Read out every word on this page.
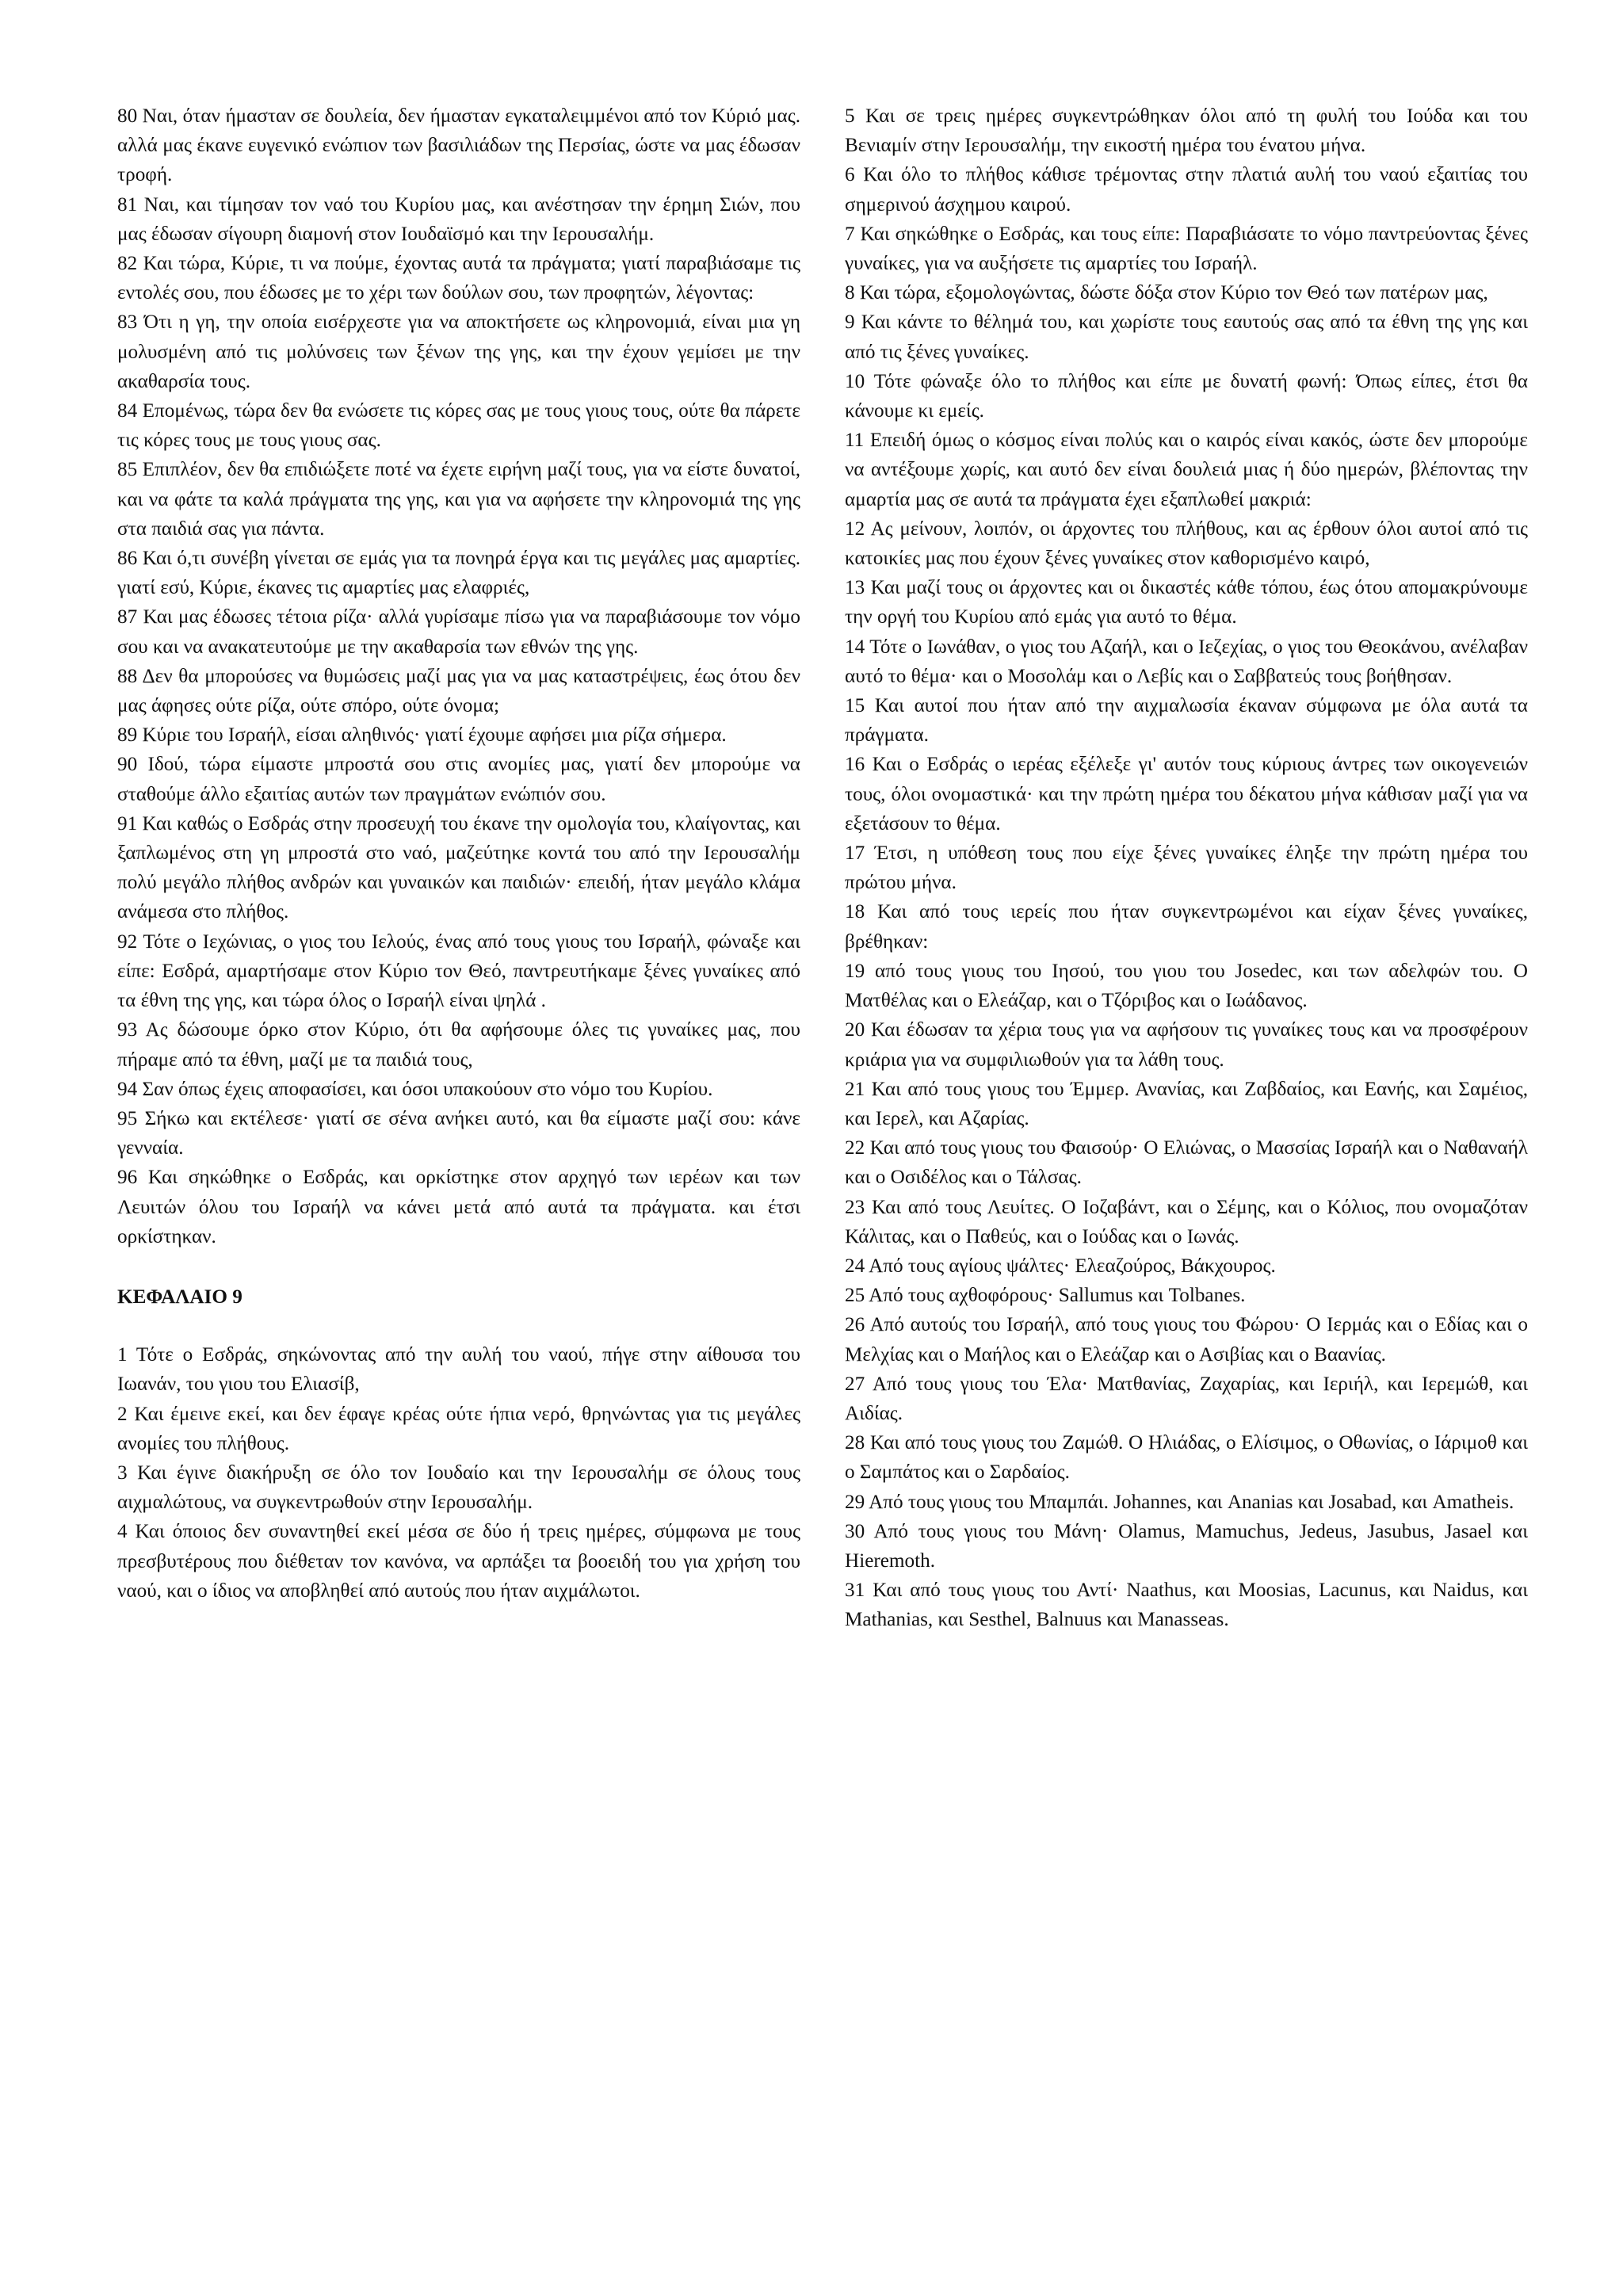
80 Ναι, όταν ήμασταν σε δουλεία, δεν ήμασταν εγκαταλειμμένοι από τον Κύριό μας. αλλά μας έκανε ευγενικό ενώπιον των βασιλιάδων της Περσίας, ώστε να μας έδωσαν τροφή.

81 Ναι, και τίμησαν τον ναό του Κυρίου μας, και ανέστησαν την έρημη Σιών, που μας έδωσαν σίγουρη διαμονή στον Ιουδαϊσμό και την Ιερουσαλήμ.

82 Και τώρα, Κύριε, τι να πούμε, έχοντας αυτά τα πράγματα; γιατί παραβιάσαμε τις εντολές σου, που έδωσες με το χέρι των δούλων σου, των προφητών, λέγοντας:

83 Ότι η γη, την οποία εισέρχεστε για να αποκτήσετε ως κληρονομιά, είναι μια γη μολυσμένη από τις μολύνσεις των ξένων της γης, και την έχουν γεμίσει με την ακαθαρσία τους.

84 Επομένως, τώρα δεν θα ενώσετε τις κόρες σας με τους γιους τους, ούτε θα πάρετε τις κόρες τους με τους γιους σας.

85 Επιπλέον, δεν θα επιδιώξετε ποτέ να έχετε ειρήνη μαζί τους, για να είστε δυνατοί, και να φάτε τα καλά πράγματα της γης, και για να αφήσετε την κληρονομιά της γης στα παιδιά σας για πάντα.

86 Και ό,τι συνέβη γίνεται σε εμάς για τα πονηρά έργα και τις μεγάλες μας αμαρτίες. γιατί εσύ, Κύριε, έκανες τις αμαρτίες μας ελαφριές,

87 Και μας έδωσες τέτοια ρίζα· αλλά γυρίσαμε πίσω για να παραβιάσουμε τον νόμο σου και να ανακατευτούμε με την ακαθαρσία των εθνών της γης.

88 Δεν θα μπορούσες να θυμώσεις μαζί μας για να μας καταστρέψεις, έως ότου δεν μας άφησες ούτε ρίζα, ούτε σπόρο, ούτε όνομα;

89 Κύριε του Ισραήλ, είσαι αληθινός· γιατί έχουμε αφήσει μια ρίζα σήμερα.

90 Ιδού, τώρα είμαστε μπροστά σου στις ανομίες μας, γιατί δεν μπορούμε να σταθούμε άλλο εξαιτίας αυτών των πραγμάτων ενώπιόν σου.

91 Και καθώς ο Εσδράς στην προσευχή του έκανε την ομολογία του, κλαίγοντας, και ξαπλωμένος στη γη μπροστά στο ναό, μαζεύτηκε κοντά του από την Ιερουσαλήμ πολύ μεγάλο πλήθος ανδρών και γυναικών και παιδιών· επειδή, ήταν μεγάλο κλάμα ανάμεσα στο πλήθος.

92 Τότε ο Ιεχώνιας, ο γιος του Ιελούς, ένας από τους γιους του Ισραήλ, φώναξε και είπε: Εσδρά, αμαρτήσαμε στον Κύριο τον Θεό, παντρευτήκαμε ξένες γυναίκες από τα έθνη της γης, και τώρα όλος ο Ισραήλ είναι ψηλά .

93 Ας δώσουμε όρκο στον Κύριο, ότι θα αφήσουμε όλες τις γυναίκες μας, που πήραμε από τα έθνη, μαζί με τα παιδιά τους,

94 Σαν όπως έχεις αποφασίσει, και όσοι υπακούουν στο νόμο του Κυρίου.

95 Σήκω και εκτέλεσε· γιατί σε σένα ανήκει αυτό, και θα είμαστε μαζί σου: κάνε γενναία.

96 Και σηκώθηκε ο Εσδράς, και ορκίστηκε στον αρχηγό των ιερέων και των Λευιτών όλου του Ισραήλ να κάνει μετά από αυτά τα πράγματα. και έτσι ορκίστηκαν.

ΚΕΦΑΛΑΙΟ 9

1 Τότε ο Εσδράς, σηκώνοντας από την αυλή του ναού, πήγε στην αίθουσα του Ιωανάν, του γιου του Ελιασίβ,

2 Και έμεινε εκεί, και δεν έφαγε κρέας ούτε ήπια νερό, θρηνώντας για τις μεγάλες ανομίες του πλήθους.

3 Και έγινε διακήρυξη σε όλο τον Ιουδαίο και την Ιερουσαλήμ σε όλους τους αιχμαλώτους, να συγκεντρωθούν στην Ιερουσαλήμ.

4 Και όποιος δεν συναντηθεί εκεί μέσα σε δύο ή τρεις ημέρες, σύμφωνα με τους πρεσβυτέρους που διέθεταν τον κανόνα, να αρπάξει τα βοοειδή του για χρήση του ναού, και ο ίδιος να αποβληθεί από αυτούς που ήταν αιχμάλωτοι.

5 Και σε τρεις ημέρες συγκεντρώθηκαν όλοι από τη φυλή του Ιούδα και του Βενιαμίν στην Ιερουσαλήμ, την εικοστή ημέρα του ένατου μήνα.

6 Και όλο το πλήθος κάθισε τρέμοντας στην πλατιά αυλή του ναού εξαιτίας του σημερινού άσχημου καιρού.

7 Και σηκώθηκε ο Εσδράς, και τους είπε: Παραβιάσατε το νόμο παντρεύοντας ξένες γυναίκες, για να αυξήσετε τις αμαρτίες του Ισραήλ.

8 Και τώρα, εξομολογώντας, δώστε δόξα στον Κύριο τον Θεό των πατέρων μας,

9 Και κάντε το θέλημά του, και χωρίστε τους εαυτούς σας από τα έθνη της γης και από τις ξένες γυναίκες.

10 Τότε φώναξε όλο το πλήθος και είπε με δυνατή φωνή: Όπως είπες, έτσι θα κάνουμε κι εμείς.

11 Επειδή όμως ο κόσμος είναι πολύς και ο καιρός είναι κακός, ώστε δεν μπορούμε να αντέξουμε χωρίς, και αυτό δεν είναι δουλειά μιας ή δύο ημερών, βλέποντας την αμαρτία μας σε αυτά τα πράγματα έχει εξαπλωθεί μακριά:

12 Ας μείνουν, λοιπόν, οι άρχοντες του πλήθους, και ας έρθουν όλοι αυτοί από τις κατοικίες μας που έχουν ξένες γυναίκες στον καθορισμένο καιρό,

13 Και μαζί τους οι άρχοντες και οι δικαστές κάθε τόπου, έως ότου απομακρύνουμε την οργή του Κυρίου από εμάς για αυτό το θέμα.

14 Τότε ο Ιωνάθαν, ο γιος του Αζαήλ, και ο Ιεζεχίας, ο γιος του Θεοκάνου, ανέλαβαν αυτό το θέμα· και ο Μοσολάμ και ο Λεβίς και ο Σαββατεύς τους βοήθησαν.

15 Και αυτοί που ήταν από την αιχμαλωσία έκαναν σύμφωνα με όλα αυτά τα πράγματα.

16 Και ο Εσδράς ο ιερέας εξέλεξε γι' αυτόν τους κύριους άντρες των οικογενειών τους, όλοι ονομαστικά· και την πρώτη ημέρα του δέκατου μήνα κάθισαν μαζί για να εξετάσουν το θέμα.

17 Έτσι, η υπόθεση τους που είχε ξένες γυναίκες έληξε την πρώτη ημέρα του πρώτου μήνα.

18 Και από τους ιερείς που ήταν συγκεντρωμένοι και είχαν ξένες γυναίκες, βρέθηκαν:

19 από τους γιους του Ιησού, του γιου του Josedec, και των αδελφών του. Ο Ματθέλας και ο Ελεάζαρ, και ο Τζόριβος και ο Ιωάδανος.

20 Και έδωσαν τα χέρια τους για να αφήσουν τις γυναίκες τους και να προσφέρουν κριάρια για να συμφιλιωθούν για τα λάθη τους.

21 Και από τους γιους του Έμμερ. Ανανίας, και Ζαβδαίος, και Εανής, και Σαμέιος, και Ιερελ, και Αζαρίας.

22 Και από τους γιους του Φαισούρ· Ο Ελιώνας, ο Μασσίας Ισραήλ και ο Ναθαναήλ και ο Οσιδέλος και ο Τάλσας.

23 Και από τους Λευίτες. Ο Ιοζαβάντ, και ο Σέμης, και ο Κόλιος, που ονομαζόταν Κάλιτας, και ο Παθεύς, και ο Ιούδας και ο Ιωνάς.

24 Από τους αγίους ψάλτες· Ελεαζούρος, Βάκχουρος.

25 Από τους αχθοφόρους· Sallumus και Tolbanes.

26 Από αυτούς του Ισραήλ, από τους γιους του Φώρου· Ο Ιερμάς και ο Εδίας και ο Μελχίας και ο Μαήλος και ο Ελεάζαρ και ο Ασιβίας και ο Βαανίας.

27 Από τους γιους του Έλα· Ματθανίας, Ζαχαρίας, και Ιεριήλ, και Ιερεμώθ, και Αιδίας.

28 Και από τους γιους του Ζαμώθ. Ο Ηλιάδας, ο Ελίσιμος, ο Οθωνίας, ο Ιάριμοθ και ο Σαμπάτος και ο Σαρδαίος.

29 Από τους γιους του Μπαμπάι. Johannes, και Ananias και Josabad, και Amatheis.

30 Από τους γιους του Μάνη· Olamus, Mamuchus, Jedeus, Jasubus, Jasael και Hieremoth.

31 Και από τους γιους του Αντί· Naathus, και Moosias, Lacunus, και Naidus, και Mathanias, και Sesthel, Balnuus και Manasseas.
